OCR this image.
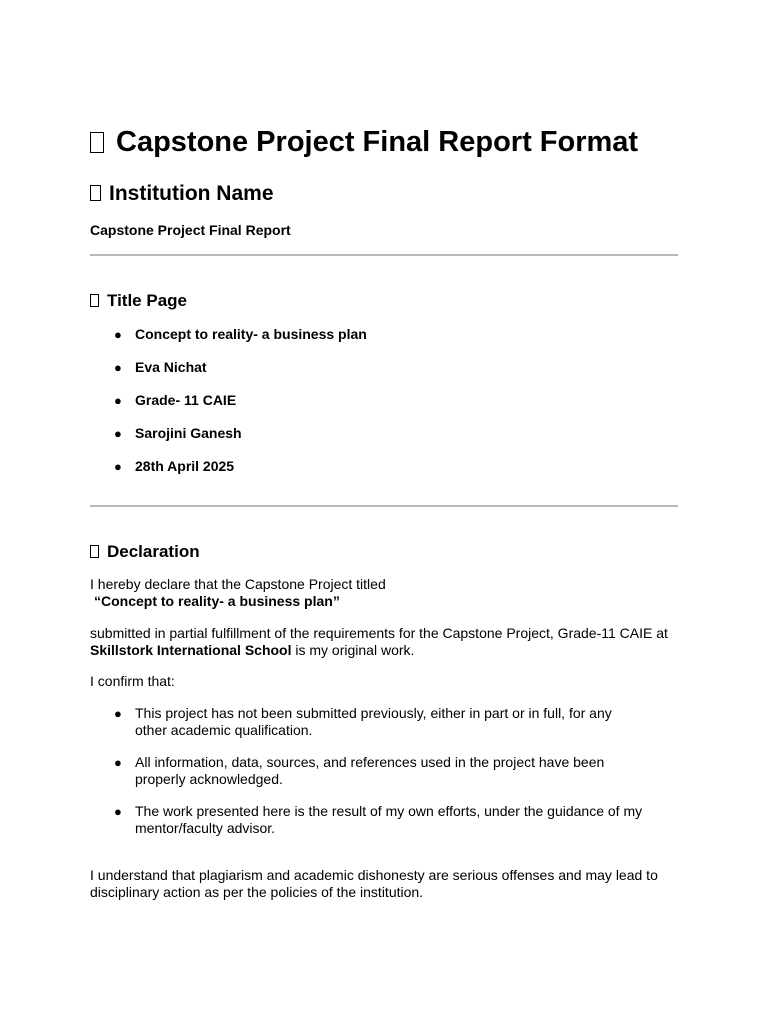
Capstone Project Final Report Format
Institution Name

Capstone Project Final Report

Title Page
● Concept to reality- a business plan
● Eva Nichat
● Grade- 11 CAIE
● Sarojini Ganesh
● 28th April 2025
Declaration

I hereby declare that the Capstone Project titled
“Concept to reality- a business plan”

submitted in partial fulfillment of the requirements for the Capstone Project, Grade-11 CAIE at
Skillstork International School is my original work.

I confirm that:

● This project has not been submitted previously, either in part or in full, for any other academic qualification.
● All information, data, sources, and references used in the project have been properly acknowledged.
● The work presented here is the result of my own efforts, under the guidance of my mentor/faculty advisor.

I understand that plagiarism and academic dishonesty are serious offenses and may lead to disciplinary action as per the policies of the institution.
